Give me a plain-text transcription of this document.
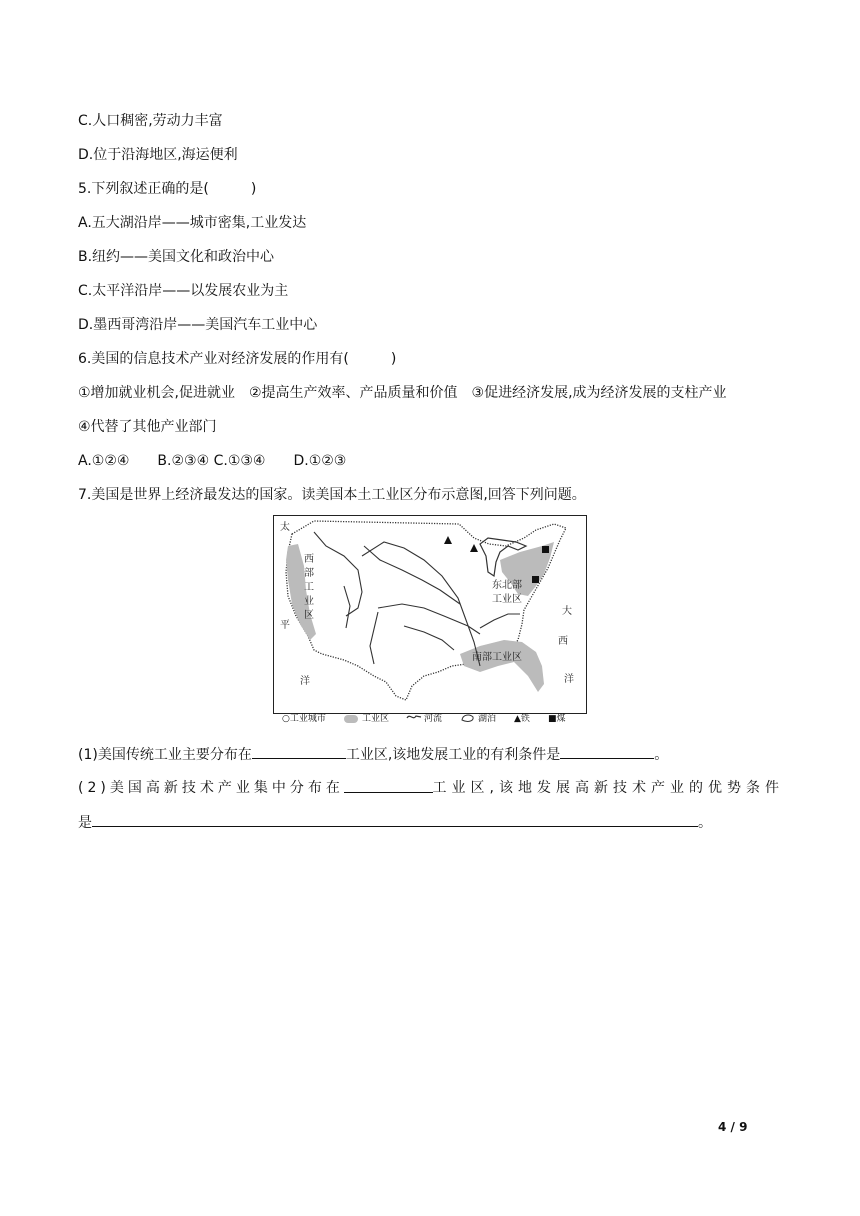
C.人口稠密,劳动力丰富
D.位于沿海地区,海运便利
5.下列叙述正确的是(　　　)
A.五大湖沿岸——城市密集,工业发达
B.纽约——美国文化和政治中心
C.太平洋沿岸——以发展农业为主
D.墨西哥湾沿岸——美国汽车工业中心
6.美国的信息技术产业对经济发展的作用有(　　　)
①增加就业机会,促进就业　②提高生产效率、产品质量和价值　③促进经济发展,成为经济发展的支柱产业
④代替了其他产业部门
A.①②④　　B.②③④ C.①③④　　D.①②③
7.美国是世界上经济最发达的国家。读美国本土工业区分布示意图,回答下列问题。
太
平
洋
大
西
洋
西
部
工
业
区
东北部
工业区
南部工业区
○工业城市	工业区	河流	湖泊 ▲铁 ■煤
(1)美国传统工业主要分布在	工业区,该地发展工业的有利条件是	。
(2)美国高新技术产业集中分布在	工业区,该地发展高新技术产业的优势条件
是	。
4 / 9
